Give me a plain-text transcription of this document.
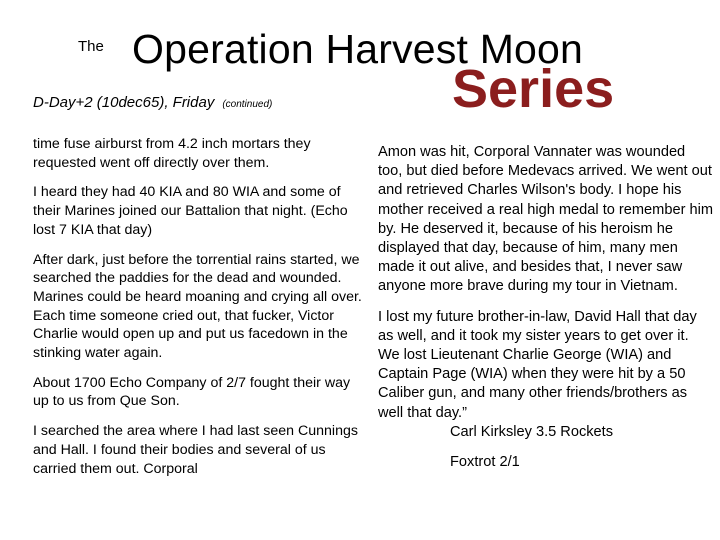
The Operation Harvest Moon
Series
D-Day+2 (10dec65), Friday (continued)

time fuse airburst from 4.2 inch mortars they requested went off directly over them.

I heard they had 40 KIA and 80 WIA and some of their Marines joined our Battalion that night. (Echo lost 7 KIA that day)

After dark, just before the torrential rains started, we searched the paddies for the dead and wounded. Marines could be heard moaning and crying all over. Each time someone cried out, that fucker, Victor Charlie would open up and put us facedown in the stinking water again.

About 1700 Echo Company of 2/7 fought their way up to us from Que Son.

I searched the area where I had last seen Cunnings and Hall. I found their bodies and several of us carried them out. Corporal

Amon was hit, Corporal Vannater was wounded too, but died before Medevacs arrived. We went out and retrieved Charles Wilson's body. I hope his mother received a real high medal to remember him by. He deserved it, because of his heroism he displayed that day, because of him, many men made it out alive, and besides that, I never saw anyone more brave during my tour in Vietnam.

I lost my future brother-in-law, David Hall that day as well, and it took my sister years to get over it. We lost Lieutenant Charlie George (WIA) and Captain Page (WIA) when they were hit by a 50 Caliber gun, and many other friends/brothers as well that day.”

Carl Kirksley 3.5 Rockets

Foxtrot 2/1
